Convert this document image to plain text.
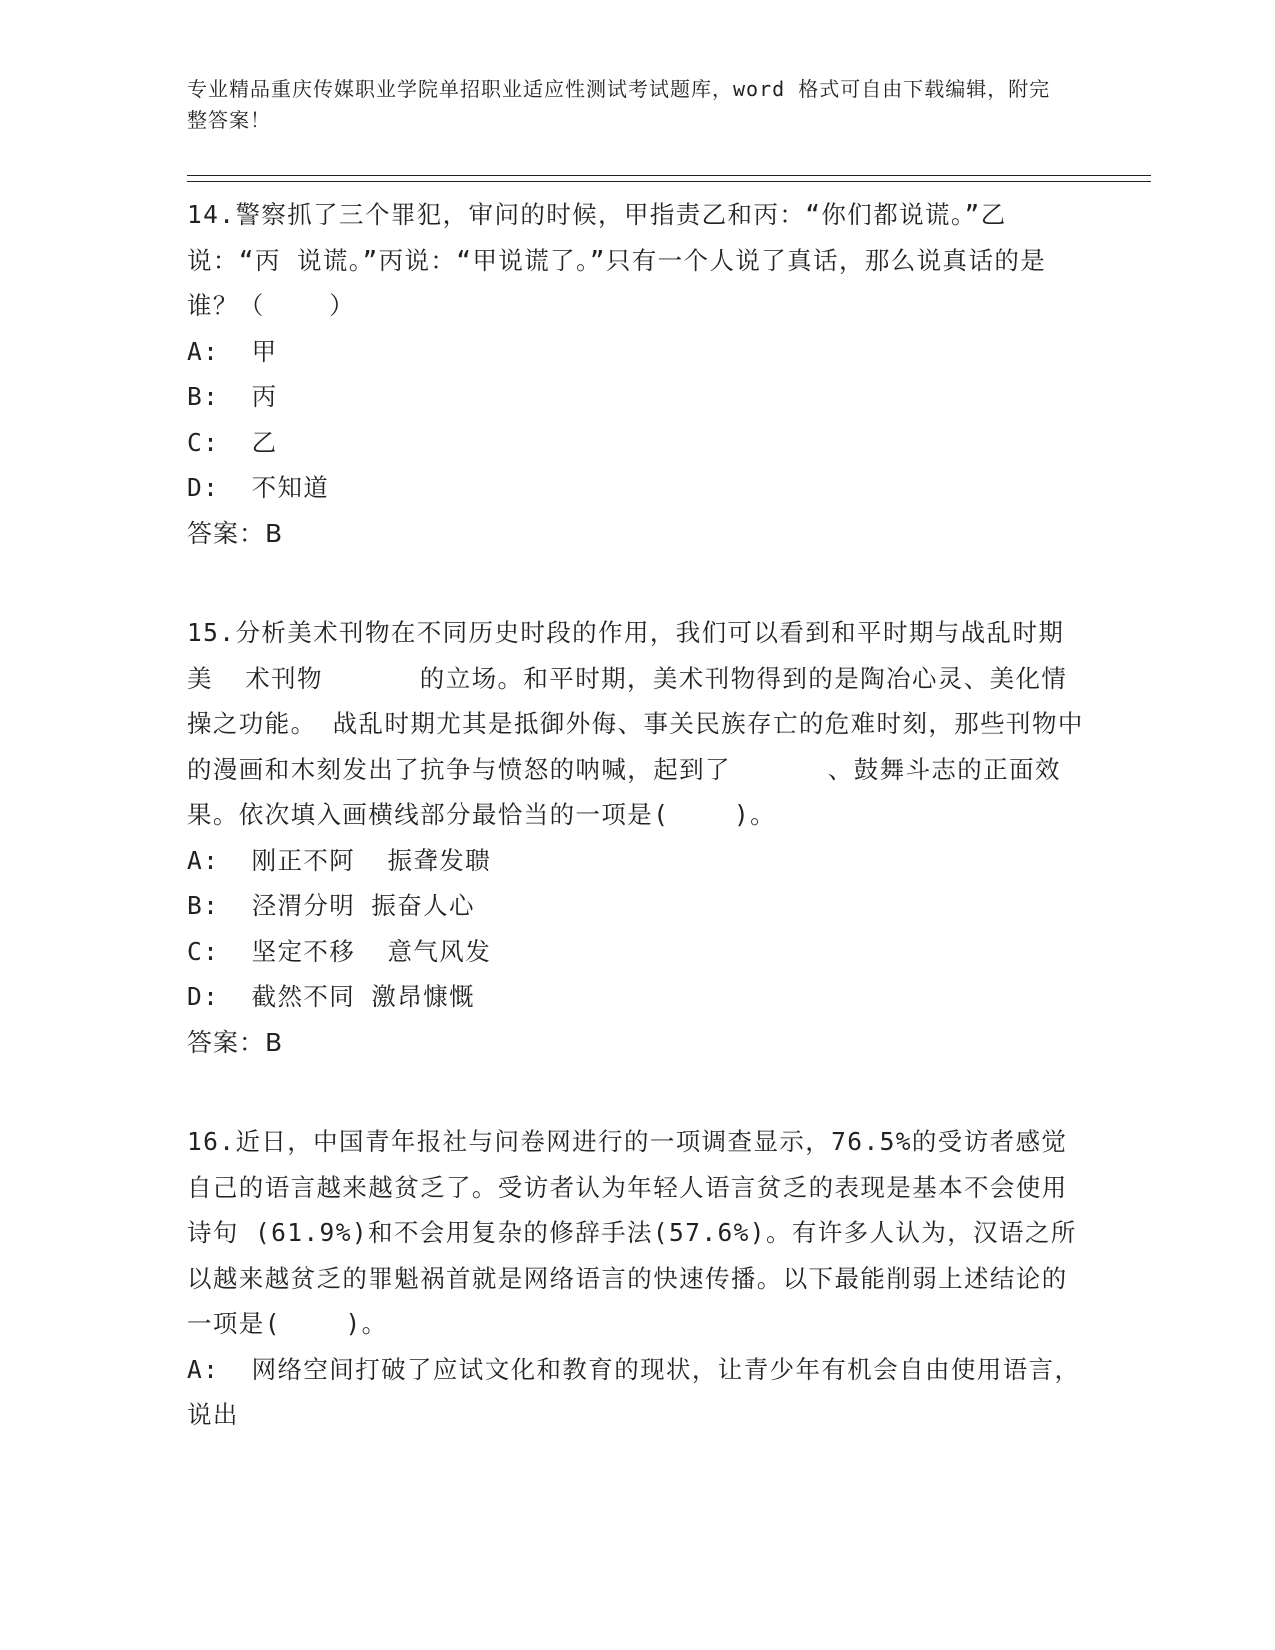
专业精品重庆传媒职业学院单招职业适应性测试考试题库，word 格式可自由下载编辑，附完整答案！

14.警察抓了三个罪犯，审问的时候，甲指责乙和丙：“你们都说谎。”乙说：“丙 说谎。”丙说：“甲说谎了。”只有一个人说了真话，那么说真话的是谁？（    ）

A:  甲

B:  丙

C:  乙

D:  不知道

答案：B

15.分析美术刊物在不同历史时段的作用，我们可以看到和平时期与战乱时期美  术刊物      的立场。和平时期，美术刊物得到的是陶冶心灵、美化情操之功能。 战乱时期尤其是抵御外侮、事关民族存亡的危难时刻，那些刊物中的漫画和木刻发出了抗争与愤怒的呐喊，起到了      、鼓舞斗志的正面效果。依次填入画横线部分最恰当的一项是(    )。

A:  刚正不阿  振聋发聩

B:  泾渭分明 振奋人心

C:  坚定不移  意气风发

D:  截然不同 激昂慷慨

答案：B

16.近日，中国青年报社与问卷网进行的一项调查显示，76.5%的受访者感觉 自己的语言越来越贫乏了。受访者认为年轻人语言贫乏的表现是基本不会使用诗句 (61.9%)和不会用复杂的修辞手法(57.6%)。有许多人认为，汉语之所以越来越贫乏的罪魁祸首就是网络语言的快速传播。以下最能削弱上述结论的一项是(    )。

A:  网络空间打破了应试文化和教育的现状，让青少年有机会自由使用语言，说出
